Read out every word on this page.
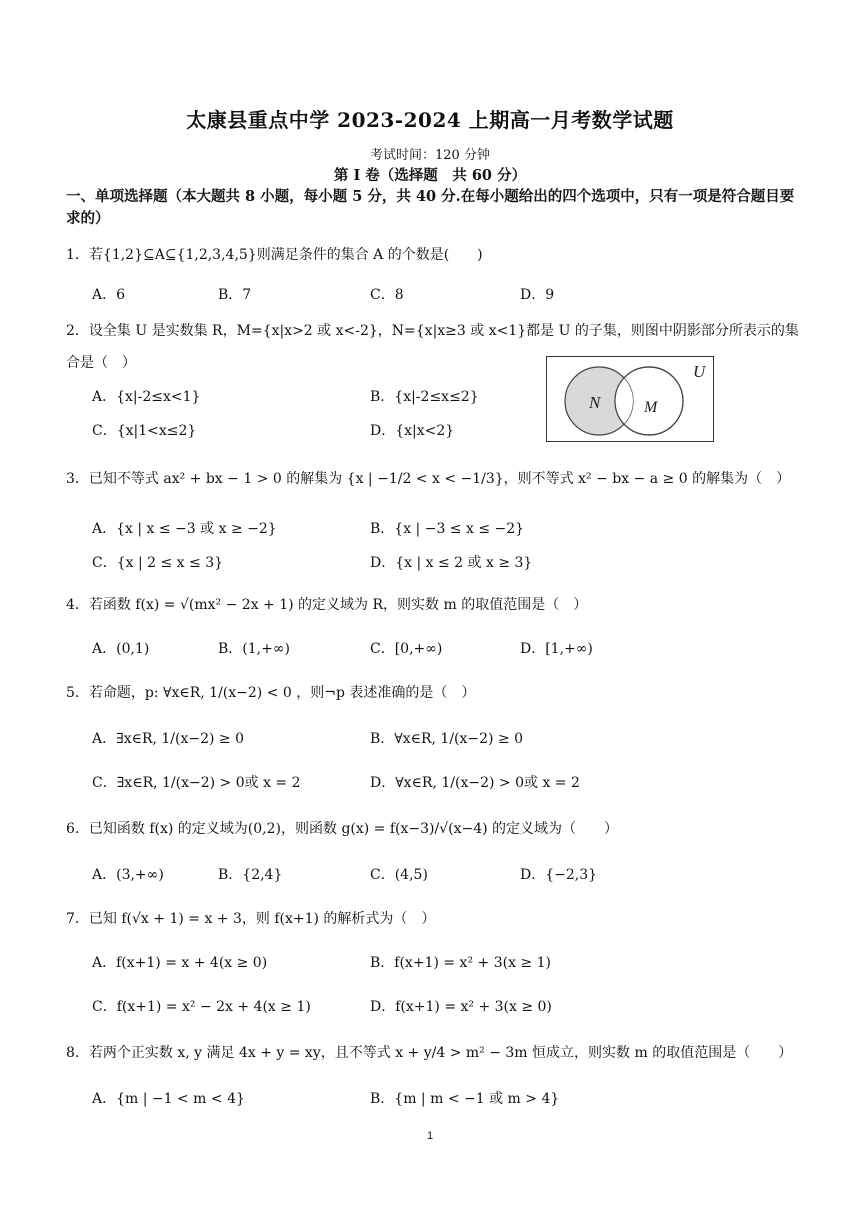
太康县重点中学 2023-2024 上期高一月考数学试题
考试时间：120 分钟
第 I 卷（选择题　共 60 分）
一、单项选择题（本大题共 8 小题，每小题 5 分，共 40 分.在每小题给出的四个选项中，只有一项是符合题目要求的）
1．若{1,2}⊆A⊆{1,2,3,4,5}则满足条件的集合 A 的个数是(　　)
A．6	B．7	C．8	D．9
2．设全集 U 是实数集 R，M={x|x>2 或 x<-2}，N={x|x≥3 或 x<1}都是 U 的子集，则图中阴影部分所表示的集
合是（　）
A．{x|-2≤x<1}	B．{x|-2≤x≤2}
C．{x|1<x≤2}	D．{x|x<2}
U
N	M
3．已知不等式 ax² + bx − 1 > 0 的解集为 {x | −1/2 < x < −1/3}，则不等式 x² − bx − a ≥ 0 的解集为（　）
A．{x | x ≤ −3 或 x ≥ −2}	B．{x | −3 ≤ x ≤ −2}
C．{x | 2 ≤ x ≤ 3}	D．{x | x ≤ 2 或 x ≥ 3}
4．若函数 f(x) = √(mx² − 2x + 1) 的定义域为 R，则实数 m 的取值范围是（　）
A．(0,1)	B．(1,+∞)	C．[0,+∞)	D．[1,+∞)
5．若命题，p: ∀x∈R, 1/(x−2) < 0 ，则¬p 表述准确的是（　）
A．∃x∈R, 1/(x−2) ≥ 0	B．∀x∈R, 1/(x−2) ≥ 0
C．∃x∈R, 1/(x−2) > 0或 x = 2	D．∀x∈R, 1/(x−2) > 0或 x = 2
6．已知函数 f(x) 的定义域为(0,2)，则函数 g(x) = f(x−3)/√(x−4) 的定义域为（　　）
A．(3,+∞)	B．{2,4}	C．(4,5)	D．{−2,3}
7．已知 f(√x + 1) = x + 3，则 f(x+1) 的解析式为（　）
A．f(x+1) = x + 4(x ≥ 0)	B．f(x+1) = x² + 3(x ≥ 1)
C．f(x+1) = x² − 2x + 4(x ≥ 1)	D．f(x+1) = x² + 3(x ≥ 0)
8．若两个正实数 x, y 满足 4x + y = xy，且不等式 x + y/4 > m² − 3m 恒成立，则实数 m 的取值范围是（　　）
A．{m | −1 < m < 4}	B．{m | m < −1 或 m > 4}
1
